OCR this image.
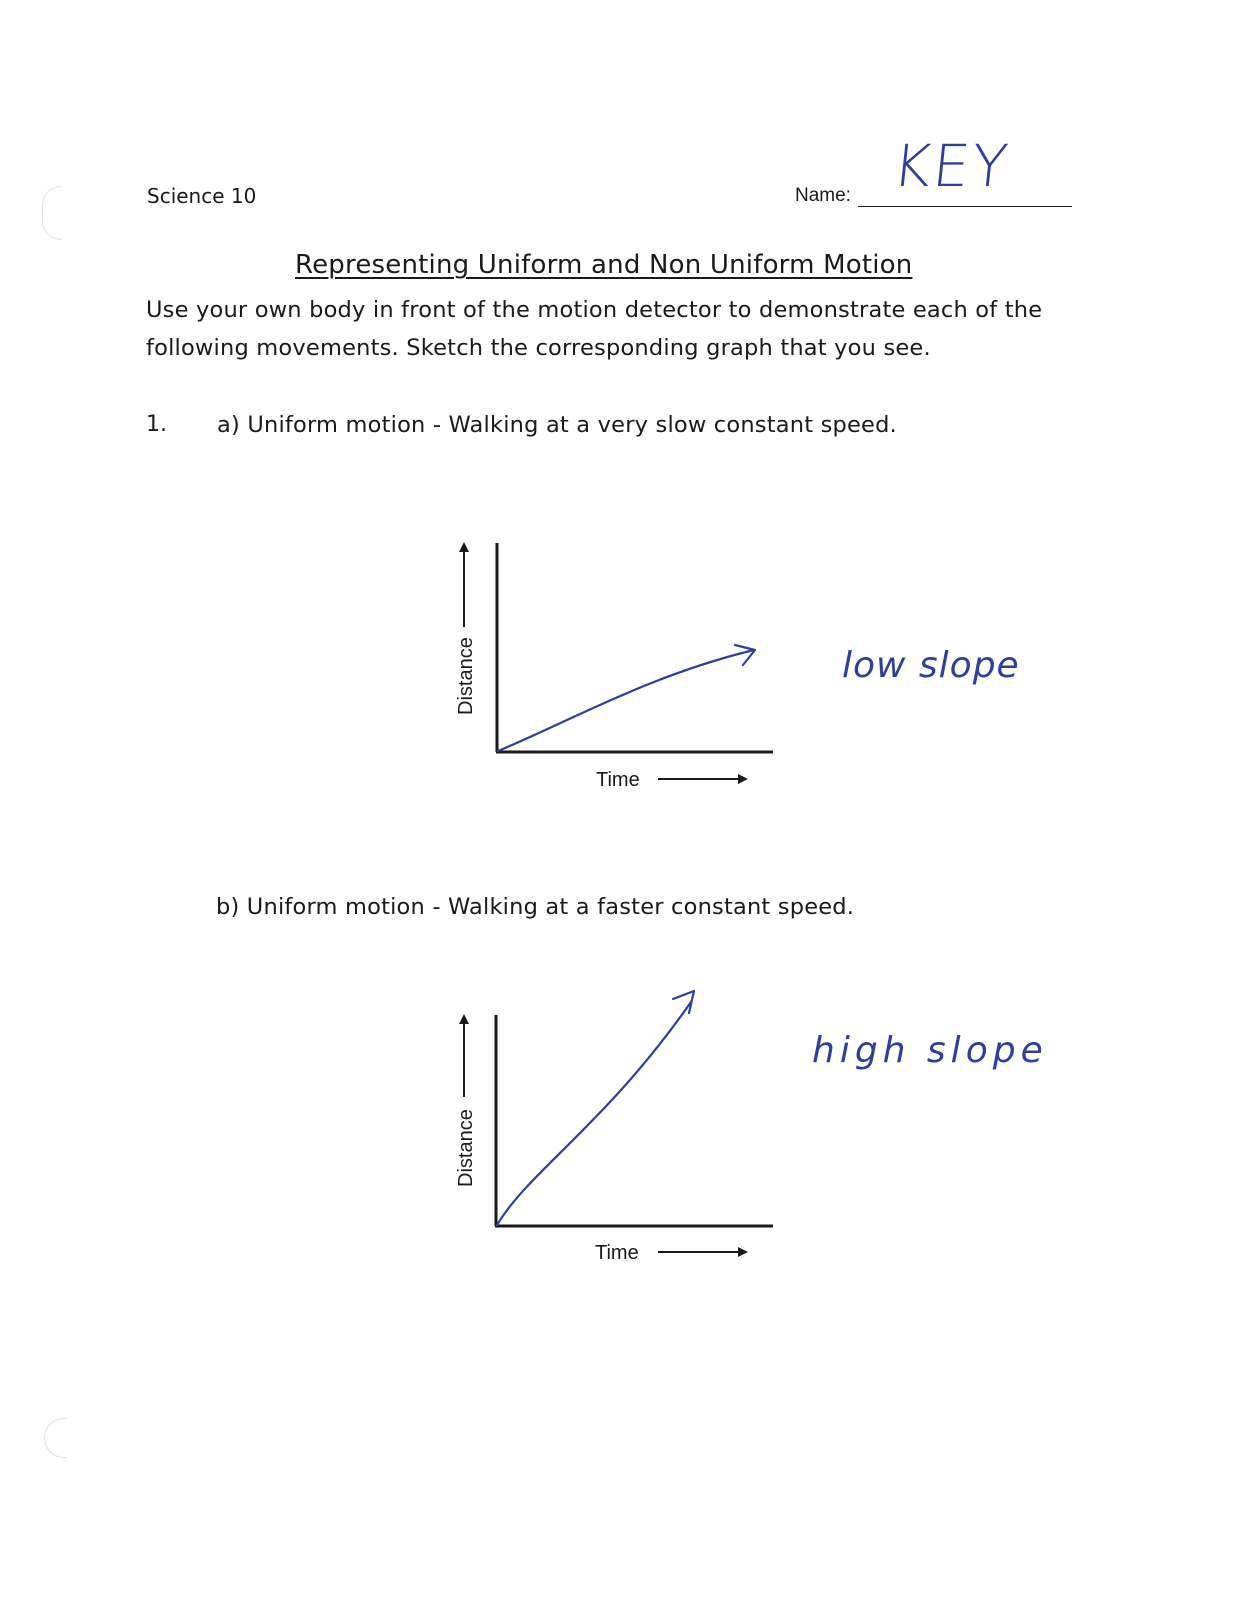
Science 10	Name: KEY
Representing Uniform and Non Uniform Motion
Use your own body in front of the motion detector to demonstrate each of the
following movements. Sketch the corresponding graph that you see.
1. a) Uniform motion - Walking at a very slow constant speed.
Distance
Time
low slope
b) Uniform motion - Walking at a faster constant speed.
Distance
Time
high slope
